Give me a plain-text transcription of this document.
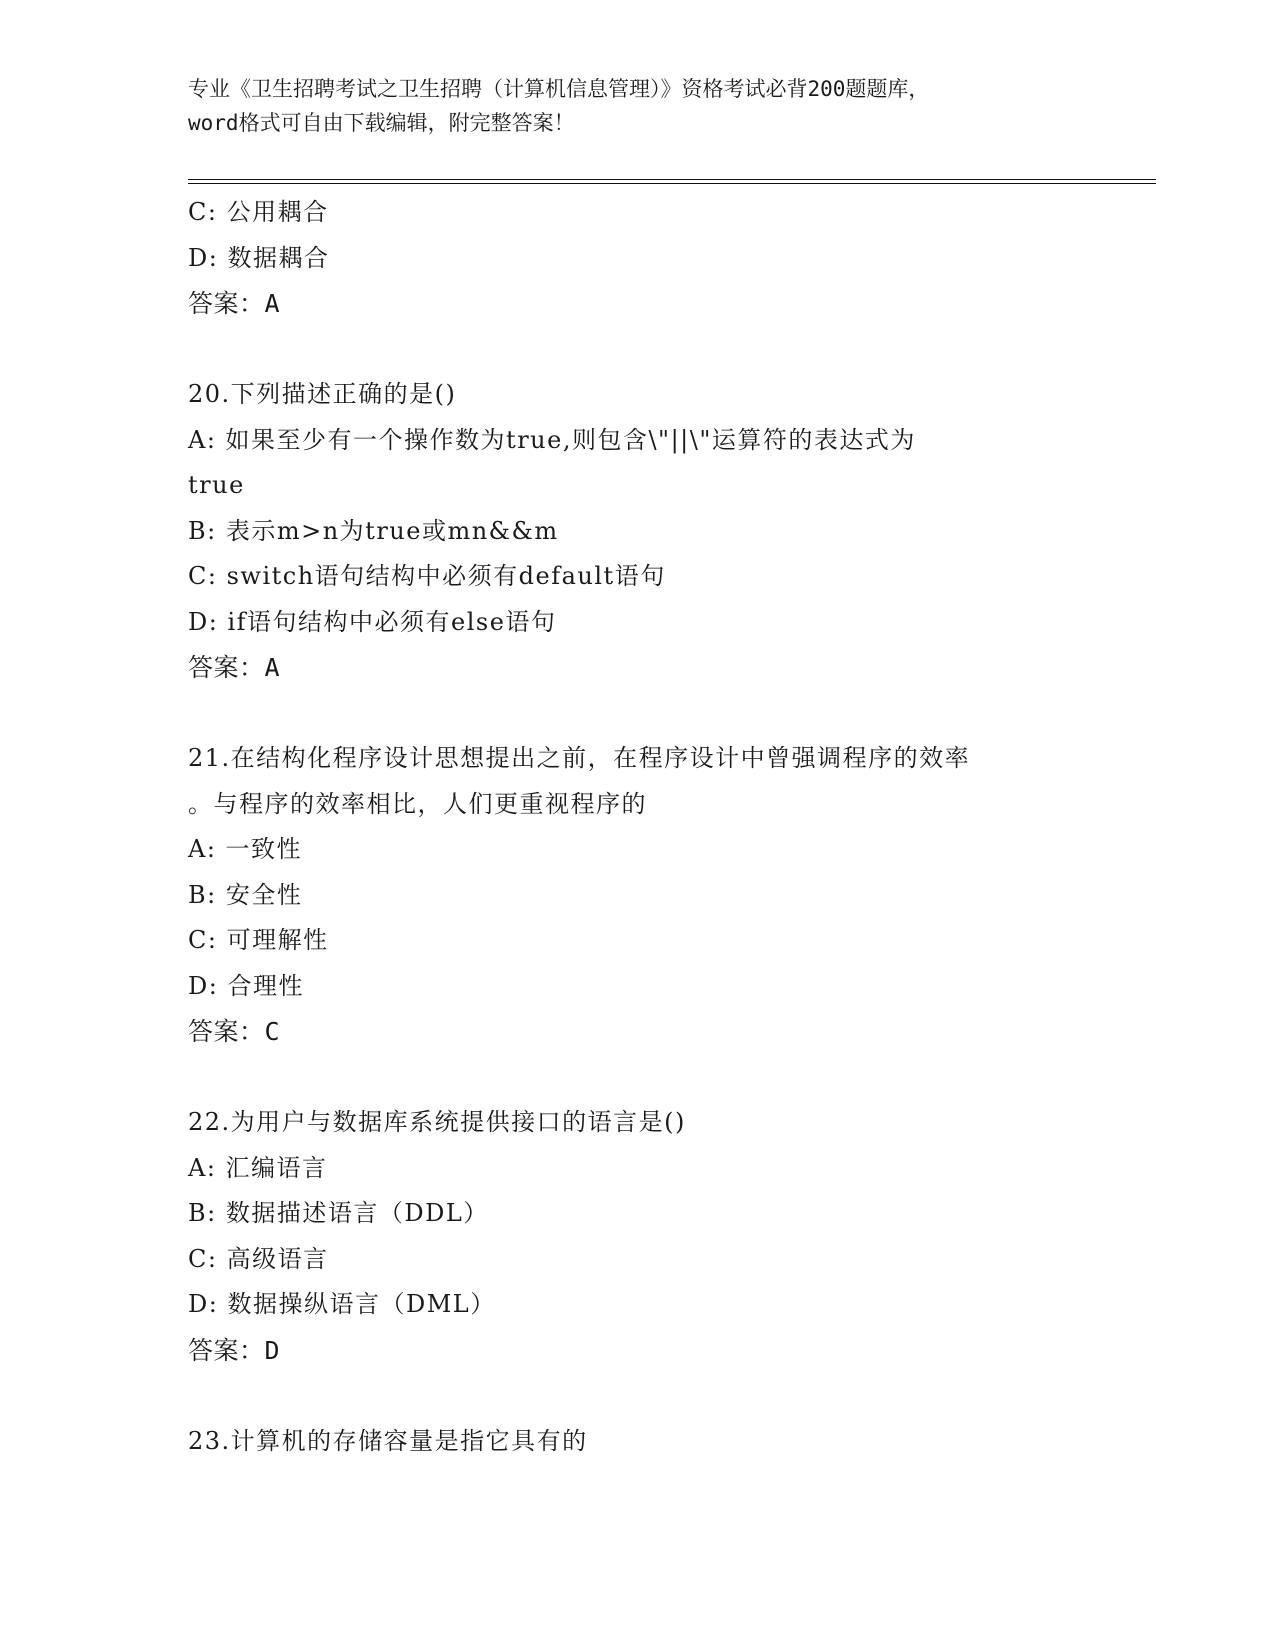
专业《卫生招聘考试之卫生招聘（计算机信息管理）》资格考试必背200题题库，
word格式可自由下载编辑，附完整答案！
C: 公用耦合
D: 数据耦合
答案：A
20.下列描述正确的是()
A: 如果至少有一个操作数为true,则包含\"||\"运算符的表达式为
true
B: 表示m>n为true或mn&&m
C: switch语句结构中必须有default语句
D: if语句结构中必须有else语句
答案：A
21.在结构化程序设计思想提出之前，在程序设计中曾强调程序的效率
。与程序的效率相比，人们更重视程序的
A: 一致性
B: 安全性
C: 可理解性
D: 合理性
答案：C
22.为用户与数据库系统提供接口的语言是()
A: 汇编语言
B: 数据描述语言（DDL）
C: 高级语言
D: 数据操纵语言（DML）
答案：D
23.计算机的存储容量是指它具有的
